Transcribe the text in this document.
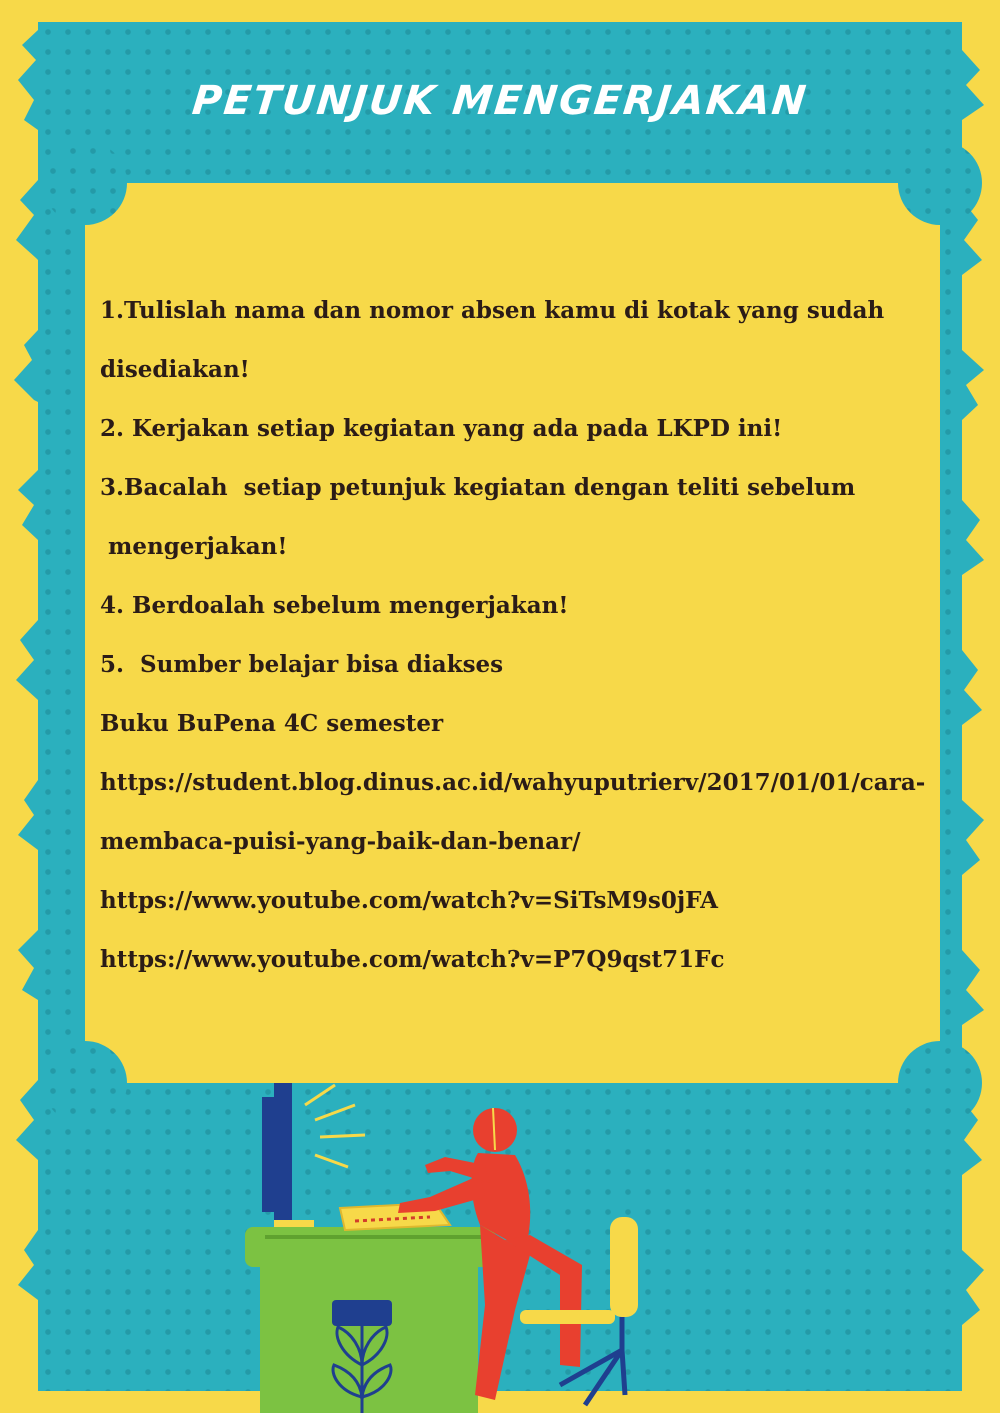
PETUNJUK MENGERJAKAN
1.Tulislah nama dan nomor absen kamu di kotak yang sudah
disediakan!
2. Kerjakan setiap kegiatan yang ada pada LKPD ini!
3.Bacalah  setiap petunjuk kegiatan dengan teliti sebelum
mengerjakan!
4. Berdoalah sebelum mengerjakan!
5.  Sumber belajar bisa diakses
Buku BuPena 4C semester
https://student.blog.dinus.ac.id/wahyuputrierv/2017/01/01/cara-
membaca-puisi-yang-baik-dan-benar/
https://www.youtube.com/watch?v=SiTsM9s0jFA
https://www.youtube.com/watch?v=P7Q9qst71Fc
